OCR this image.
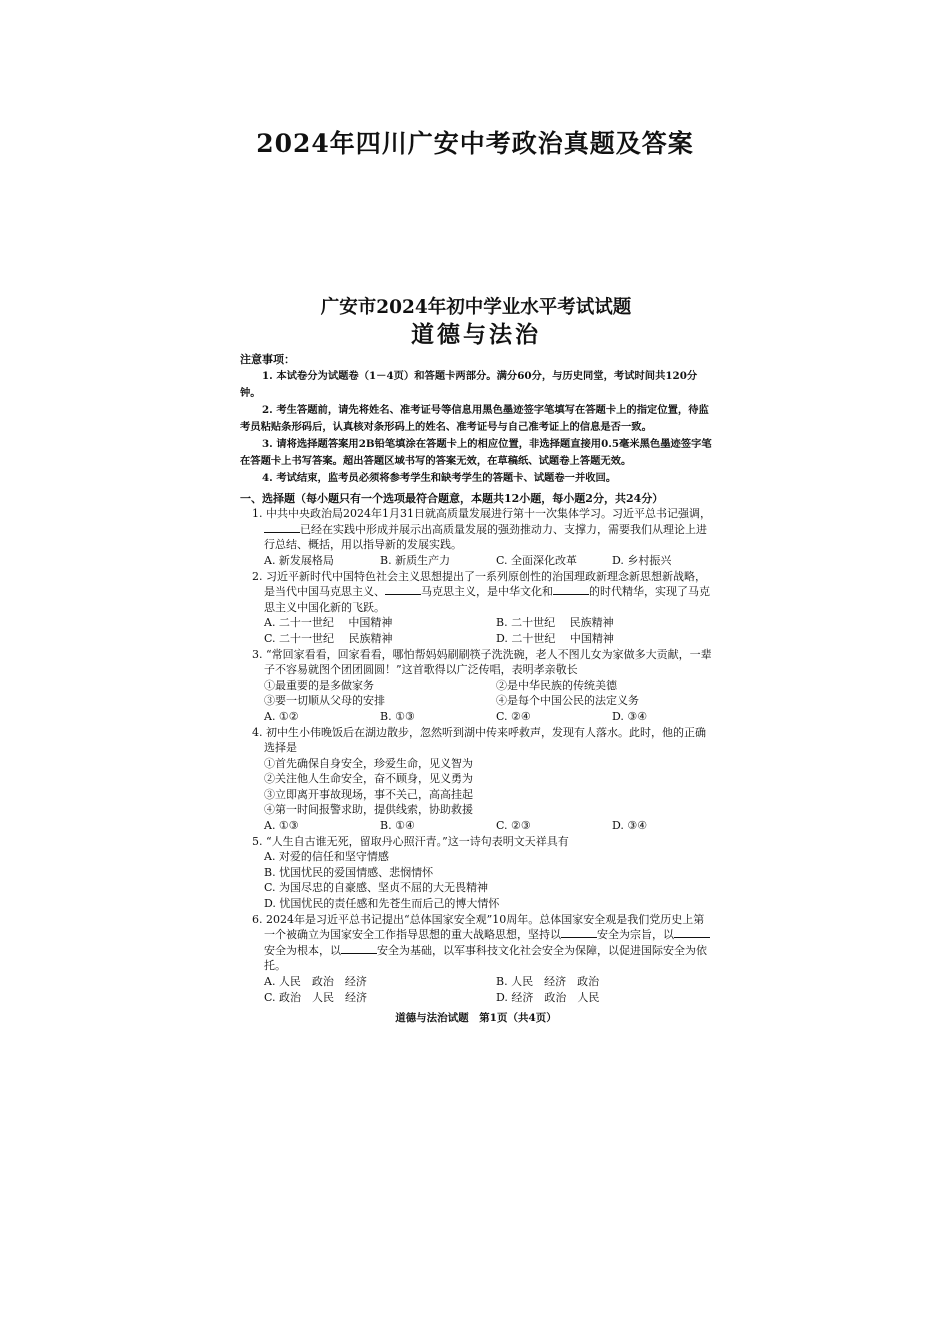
2024年四川广安中考政治真题及答案
广安市2024年初中学业水平考试试题
道德与法治
注意事项：

1. 本试卷分为试题卷（1－4页）和答题卡两部分。满分60分，与历史同堂，考试时间共120分钟。

2. 考生答题前，请先将姓名、准考证号等信息用黑色墨迹签字笔填写在答题卡上的指定位置，待监考员粘贴条形码后，认真核对条形码上的姓名、准考证号与自己准考证上的信息是否一致。

3. 请将选择题答案用2B铅笔填涂在答题卡上的相应位置，非选择题直接用0.5毫米黑色墨迹签字笔在答题卡上书写答案。超出答题区域书写的答案无效，在草稿纸、试题卷上答题无效。

4. 考试结束，监考员必须将参考学生和缺考学生的答题卡、试题卷一并收回。

一、选择题（每小题只有一个选项最符合题意，本题共12小题，每小题2分，共24分）

1. 中共中央政治局2024年1月31日就高质量发展进行第十一次集体学习。习近平总书记强调，已经在实践中形成并展示出高质量发展的强劲推动力、支撑力，需要我们从理论上进行总结、概括，用以指导新的发展实践。

A. 新发展格局	B. 新质生产力	C. 全面深化改革	D. 乡村振兴

2. 习近平新时代中国特色社会主义思想提出了一系列原创性的治国理政新理念新思想新战略，是当代中国马克思主义、	马克思主义，是中华文化和	的时代精华，实现了马克思主义中国化新的飞跃。

A. 二十一世纪　 中国精神	B. 二十世纪　 民族精神
C. 二十一世纪　 民族精神	D. 二十世纪　 中国精神

3. “常回家看看，回家看看，哪怕帮妈妈刷刷筷子洗洗碗，老人不图儿女为家做多大贡献，一辈子不容易就图个团团圆圆！”这首歌得以广泛传唱，表明孝亲敬长

①最重要的是多做家务	②是中华民族的传统美德
③要一切顺从父母的安排	④是每个中国公民的法定义务
A. ①②	B. ①③	C. ②④	D. ③④

4. 初中生小伟晚饭后在湖边散步，忽然听到湖中传来呼救声，发现有人落水。此时，他的正确选择是

①首先确保自身安全，珍爱生命，见义智为
②关注他人生命安全，奋不顾身，见义勇为
③立即离开事故现场，事不关己，高高挂起
④第一时间报警求助，提供线索，协助救援
A. ①③	B. ①④	C. ②③	D. ③④

5. “人生自古谁无死，留取丹心照汗青。”这一诗句表明文天祥具有

A. 对爱的信任和坚守情感
B. 忧国忧民的爱国情感、悲悯情怀
C. 为国尽忠的自豪感、坚贞不屈的大无畏精神
D. 忧国忧民的责任感和先苍生而后己的博大情怀

6. 2024年是习近平总书记提出“总体国家安全观”10周年。总体国家安全观是我们党历史上第一个被确立为国家安全工作指导思想的重大战略思想，坚持以	安全为宗旨，以安全为根本，以	安全为基础，以军事科技文化社会安全为保障，以促进国际安全为依托。

A. 人民　政治　经济	B. 人民　经济　政治
C. 政治　人民　经济	D. 经济　政治　人民
道德与法治试题　第1页（共4页）
